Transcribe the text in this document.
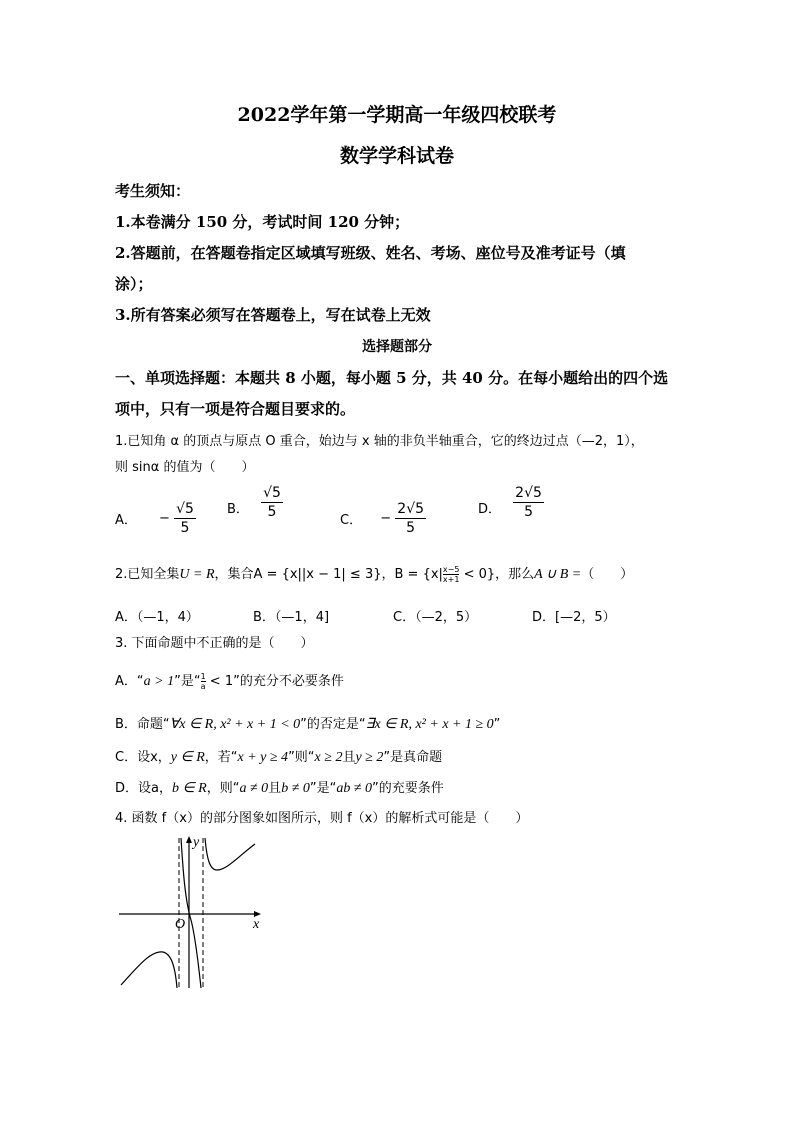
2022学年第一学期高一年级四校联考
数学学科试卷
考生须知：
1.本卷满分 150 分，考试时间 120 分钟；
2.答题前，在答题卷指定区域填写班级、姓名、考场、座位号及准考证号（填
涂）；
3.所有答案必须写在答题卷上，写在试卷上无效
选择题部分
一、单项选择题：本题共 8 小题，每小题 5 分，共 40 分。在每小题给出的四个选
项中，只有一项是符合题目要求的。
1.已知角 α 的顶点与原点 O 重合，始边与 x 轴的非负半轴重合，它的终边过点（—2，1），
则 sinα 的值为（　　）
A． − $\frac{√5}{5}$ B． $\frac{√5}{5}$	C． − $\frac{2√5}{5}$	D． $\frac{2√5}{5}$
2.已知全集U = R，集合A = {x||x − 1| ≤ 3}，$B = \{x| \frac{x-5}{x+1} < 0\}$，那么A ∪ B =（　　）
A．（—1，4）	B．（—1，4]	C．（—2，5）	D．[—2，5）
3. 下面命题中不正确的是（　　）
A．“a > 1”是“ $\frac{1}{a} < 1$”的充分不必要条件
B．命题“∀x ∈ R, x² + x + 1 < 0”的否定是“∃x ∈ R, x² + x + 1 ≥ 0”
C．设x，y ∈ R，若“x + y ≥ 4”则“x ≥ 2且y ≥ 2”是真命题
D．设a，b ∈ R，则“a ≠ 0且b ≠ 0”是“ab ≠ 0”的充要条件
4. 函数 f（x）的部分图象如图所示，则 f（x）的解析式可能是（　　）
y
x
O
